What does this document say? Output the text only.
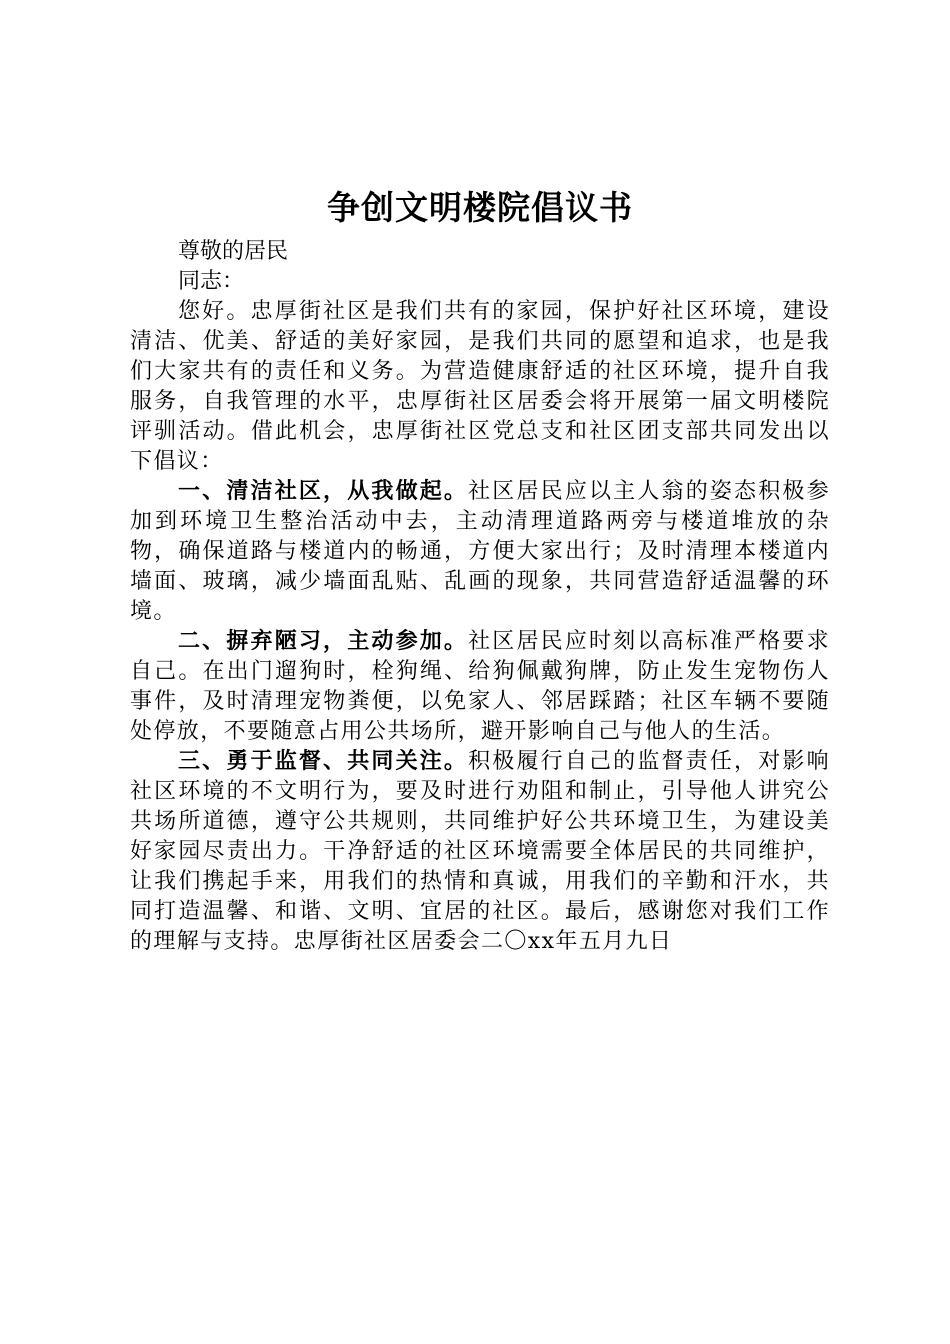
争创文明楼院倡议书

尊敬的居民

同志：

您好。忠厚街社区是我们共有的家园，保护好社区环境，建设清洁、优美、舒适的美好家园，是我们共同的愿望和追求，也是我们大家共有的责任和义务。为营造健康舒适的社区环境，提升自我服务，自我管理的水平，忠厚街社区居委会将开展第一届文明楼院评驯活动。借此机会，忠厚街社区党总支和社区团支部共同发出以下倡议：

一、清洁社区，从我做起。社区居民应以主人翁的姿态积极参加到环境卫生整治活动中去，主动清理道路两旁与楼道堆放的杂物，确保道路与楼道内的畅通，方便大家出行；及时清理本楼道内墙面、玻璃，减少墙面乱贴、乱画的现象，共同营造舒适温馨的环境。

二、摒弃陋习，主动参加。社区居民应时刻以高标准严格要求自己。在出门遛狗时，栓狗绳、给狗佩戴狗牌，防止发生宠物伤人事件，及时清理宠物粪便，以免家人、邻居踩踏；社区车辆不要随处停放，不要随意占用公共场所，避开影响自己与他人的生活。

三、勇于监督、共同关注。积极履行自己的监督责任，对影响社区环境的不文明行为，要及时进行劝阻和制止，引导他人讲究公共场所道德，遵守公共规则，共同维护好公共环境卫生，为建设美好家园尽责出力。干净舒适的社区环境需要全体居民的共同维护，让我们携起手来，用我们的热情和真诚，用我们的辛勤和汗水，共同打造温馨、和谐、文明、宜居的社区。最后，感谢您对我们工作的理解与支持。忠厚街社区居委会二〇xx年五月九日
